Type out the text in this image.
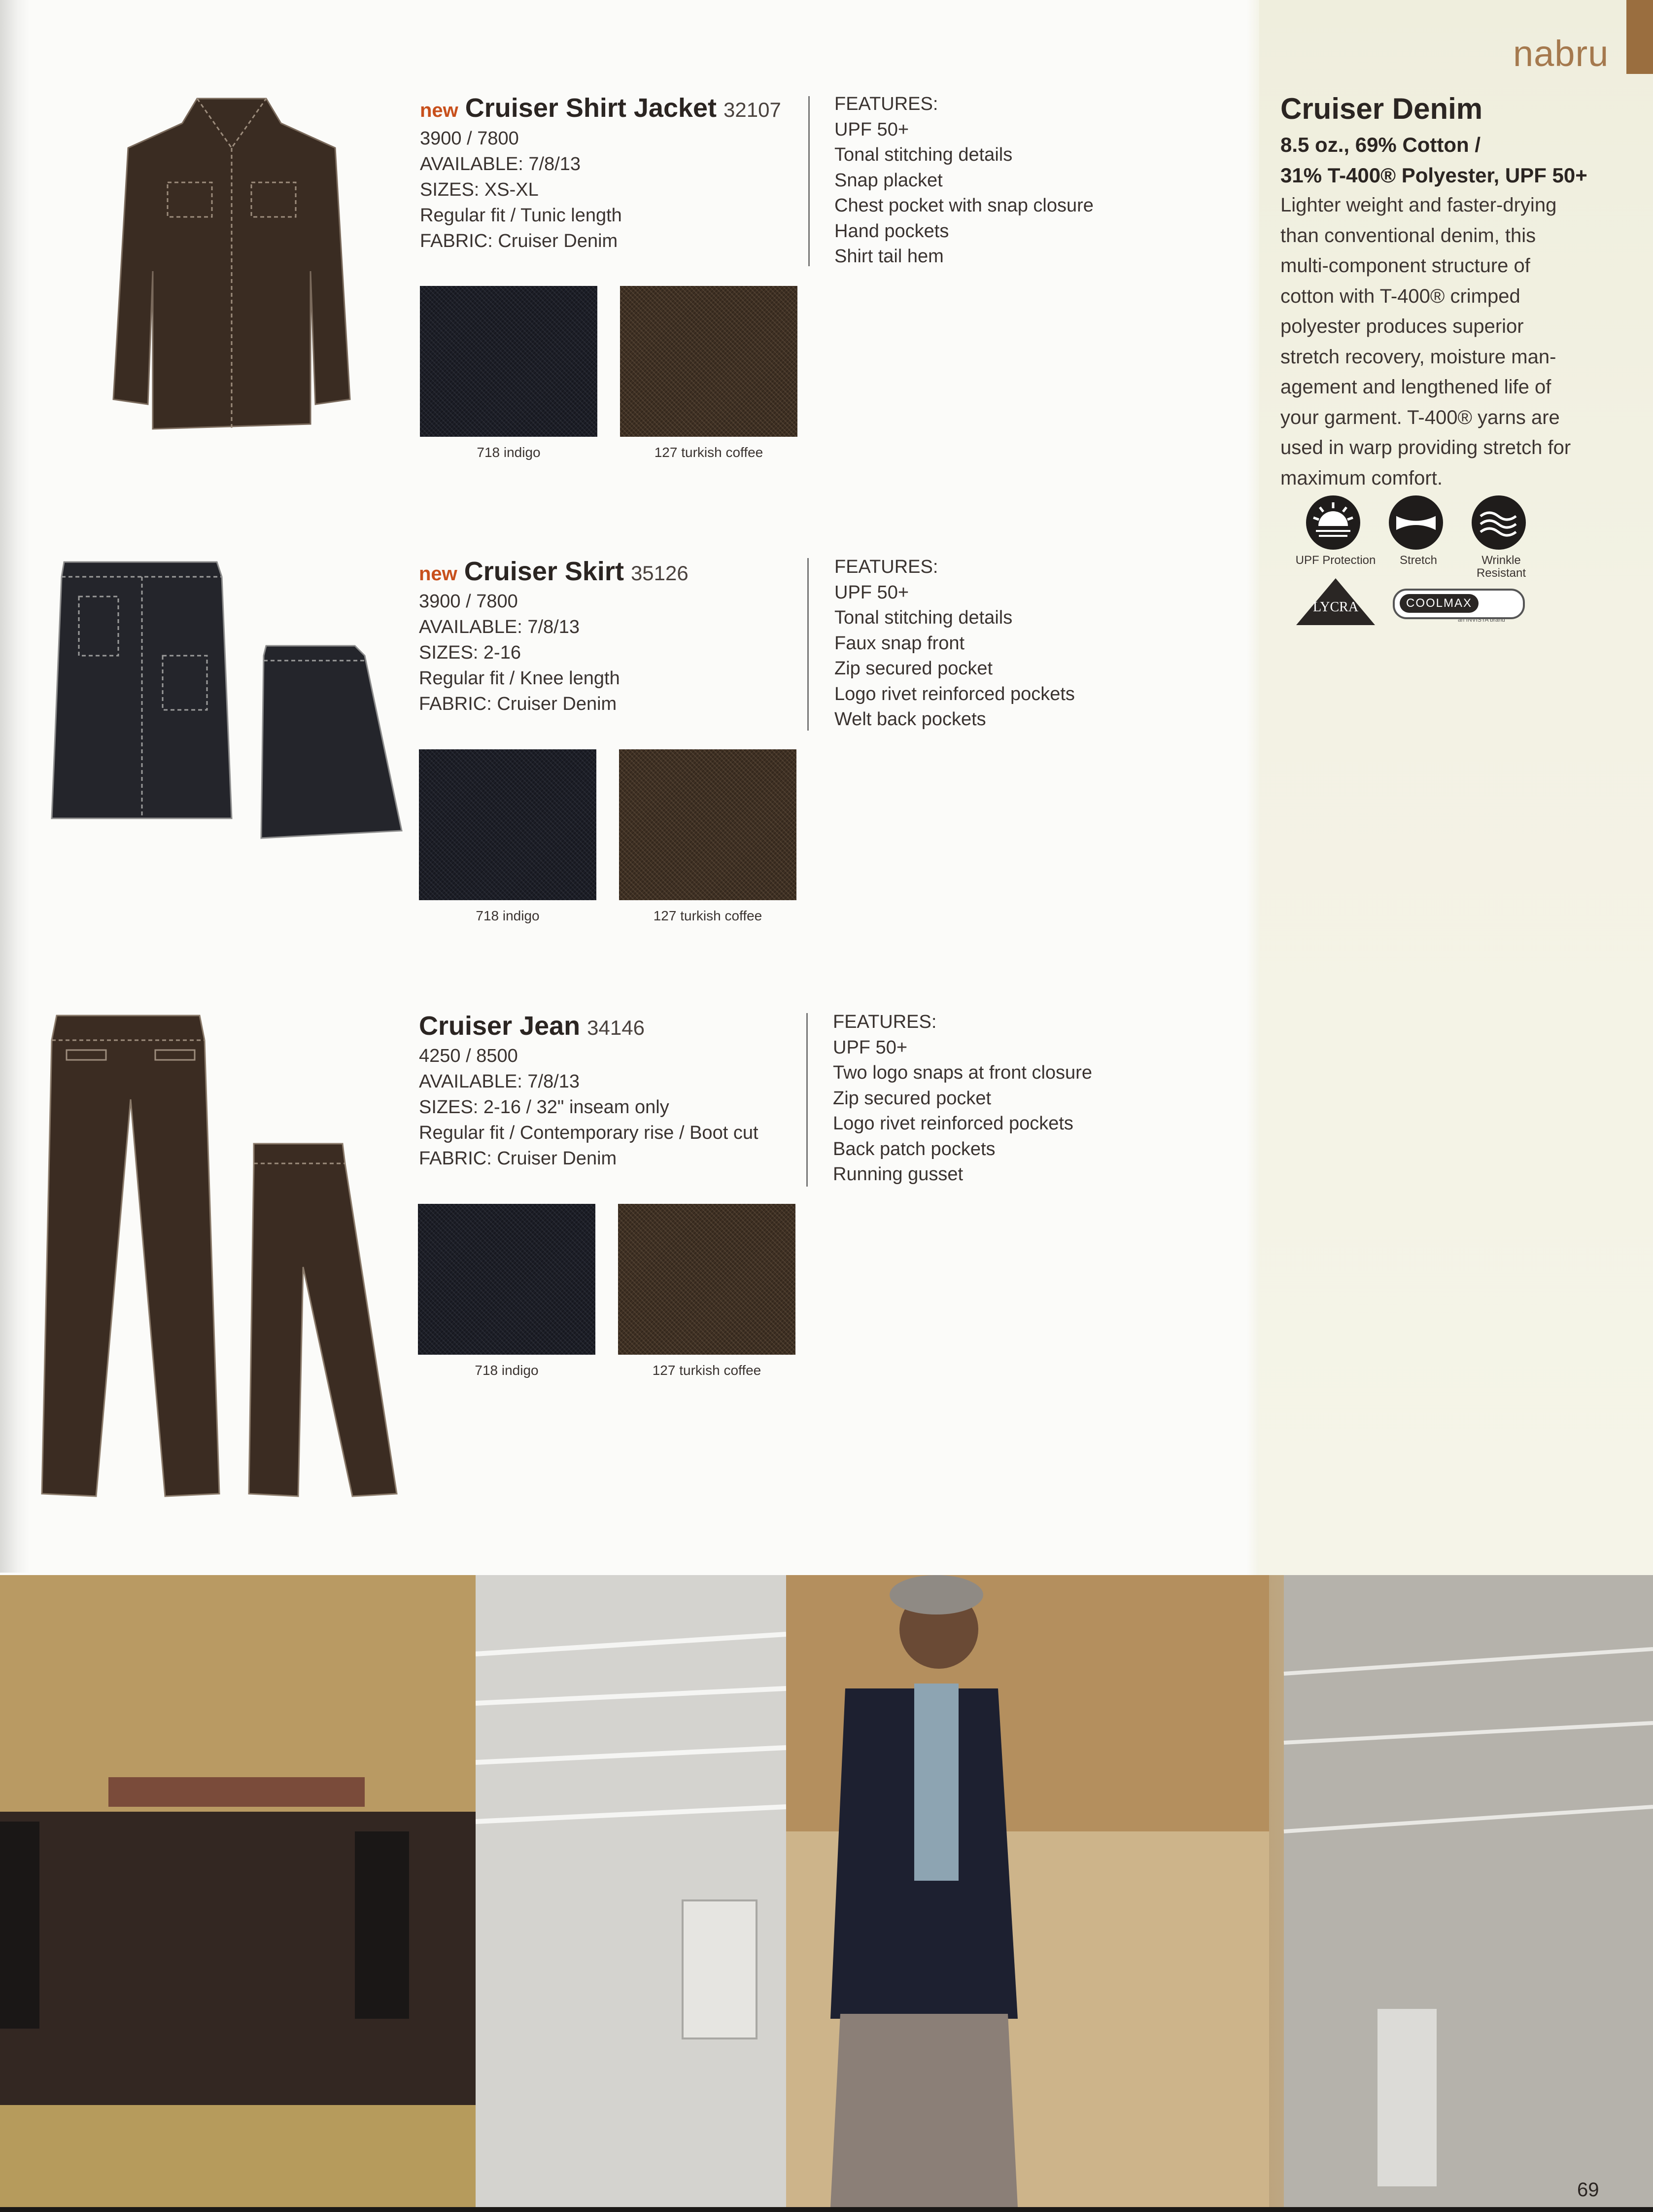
nabru
Cruiser Denim
8.5 oz., 69% Cotton /
31% T-400® Polyester, UPF 50+
Lighter weight and faster-drying
than conventional denim, this
multi-component structure of
cotton with T-400® crimped
polyester produces superior
stretch recovery, moisture man-
agement and lengthened life of
your garment. T-400® yarns are
used in warp providing stretch for
maximum comfort.
UPF Protection	Stretch	Wrinkle Resistant
LYCRA	COOLMAX
an INVISTA brand
new Cruiser Shirt Jacket 32107
3900 / 7800
AVAILABLE: 7/8/13
SIZES: XS-XL
Regular fit / Tunic length
FABRIC: Cruiser Denim
FEATURES:
UPF 50+
Tonal stitching details
Snap placket
Chest pocket with snap closure
Hand pockets
Shirt tail hem
718 indigo	127 turkish coffee
new Cruiser Skirt 35126
3900 / 7800
AVAILABLE: 7/8/13
SIZES: 2-16
Regular fit / Knee length
FABRIC: Cruiser Denim
FEATURES:
UPF 50+
Tonal stitching details
Faux snap front
Zip secured pocket
Logo rivet reinforced pockets
Welt back pockets
718 indigo	127 turkish coffee
Cruiser Jean 34146
4250 / 8500
AVAILABLE: 7/8/13
SIZES: 2-16 / 32" inseam only
Regular fit / Contemporary rise / Boot cut
FABRIC: Cruiser Denim
FEATURES:
UPF 50+
Two logo snaps at front closure
Zip secured pocket
Logo rivet reinforced pockets
Back patch pockets
Running gusset
718 indigo	127 turkish coffee
69
